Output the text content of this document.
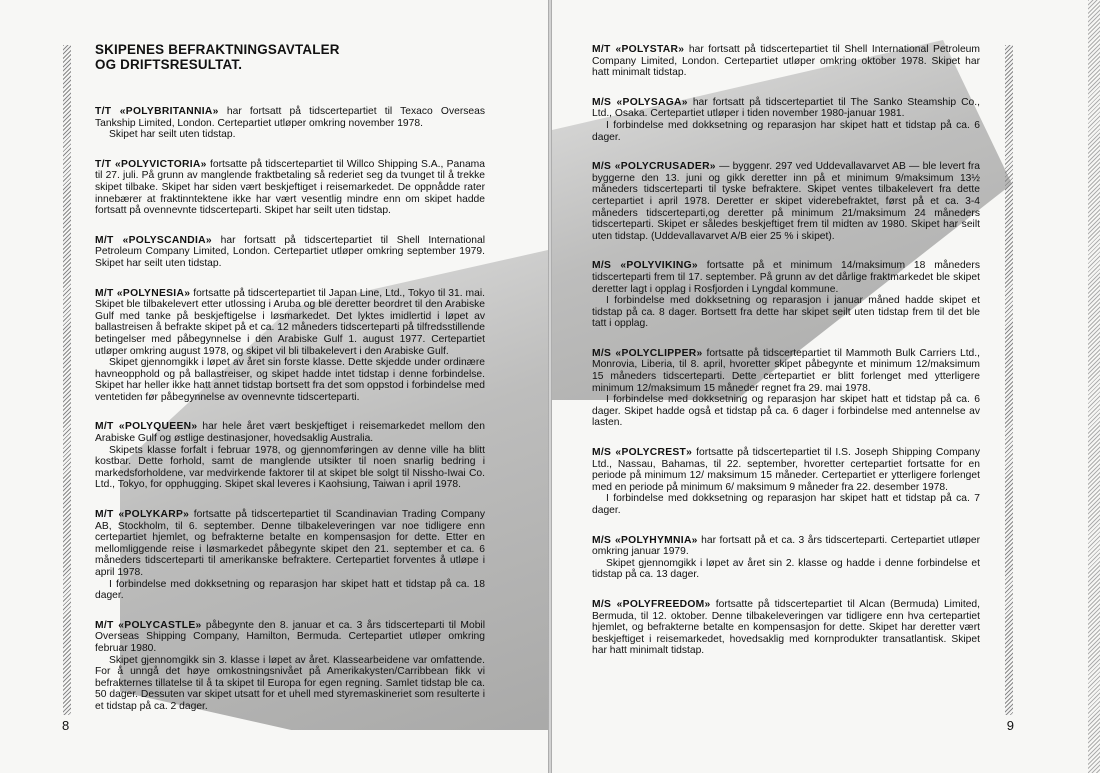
SKIPENES BEFRAKTNINGSAVTALER
OG DRIFTSRESULTAT.

T/T «POLYBRITANNIA» har fortsatt på tidscertepartiet til Texaco Overseas Tankship Limited, London. Certepartiet utløper omkring november 1978.

Skipet har seilt uten tidstap.

T/T «POLYVICTORIA» fortsatte på tidscertepartiet til Willco Shipping S.A., Panama til 27. juli. På grunn av manglende fraktbetaling så rederiet seg da tvunget til å trekke skipet tilbake. Skipet har siden vært beskjeftiget i reisemarkedet. De oppnådde rater innebærer at fraktinntektene ikke har vært vesentlig mindre enn om skipet hadde fortsatt på ovennevnte tidscerteparti. Skipet har seilt uten tidstap.

M/T «POLYSCANDIA» har fortsatt på tidscertepartiet til Shell International Petroleum Company Limited, London. Certepartiet utløper omkring september 1979. Skipet har seilt uten tidstap.

M/T «POLYNESIA» fortsatte på tidscertepartiet til Japan Line, Ltd., Tokyo til 31. mai. Skipet ble tilbakelevert etter utlossing i Aruba og ble deretter beordret til den Arabiske Gulf med tanke på beskjeftigelse i løsmarkedet. Det lyktes imidlertid i løpet av ballastreisen å befrakte skipet på et ca. 12 måneders tidscerteparti på tilfredsstillende betingelser med påbegynnelse i den Arabiske Gulf 1. august 1977. Certepartiet utløper omkring august 1978, og skipet vil bli tilbakelevert i den Arabiske Gulf.

Skipet gjennomgikk i løpet av året sin forste klasse. Dette skjedde under ordinære havneopphold og på ballastreiser, og skipet hadde intet tidstap i denne forbindelse. Skipet har heller ikke hatt annet tidstap bortsett fra det som oppstod i forbindelse med ventetiden før påbegynnelse av ovennevnte tidscerteparti.

M/T «POLYQUEEN» har hele året vært beskjeftiget i reisemarkedet mellom den Arabiske Gulf og østlige destinasjoner, hovedsaklig Australia.

Skipets klasse forfalt i februar 1978, og gjennomføringen av denne ville ha blitt kostbar. Dette forhold, samt de manglende utsikter til noen snarlig bedring i markedsforholdene, var medvirkende faktorer til at skipet ble solgt til Nissho-Iwai Co. Ltd., Tokyo, for opphugging. Skipet skal leveres i Kaohsiung, Taiwan i april 1978.

M/T «POLYKARP» fortsatte på tidscertepartiet til Scandinavian Trading Company AB, Stockholm, til 6. september. Denne tilbakeleveringen var noe tidligere enn certepartiet hjemlet, og befrakterne betalte en kompensasjon for dette. Etter en mellomliggende reise i løsmarkedet påbegynte skipet den 21. september et ca. 6 måneders tidscerteparti til amerikanske befraktere. Certepartiet forventes å utløpe i april 1978.

I forbindelse med dokksetning og reparasjon har skipet hatt et tidstap på ca. 18 dager.

M/T «POLYCASTLE» påbegynte den 8. januar et ca. 3 års tidscerteparti til Mobil Overseas Shipping Company, Hamilton, Bermuda. Certepartiet utløper omkring februar 1980.

Skipet gjennomgikk sin 3. klasse i løpet av året. Klassearbeidene var omfattende. For å unngå det høye omkostningsnivået på Amerikakysten/Carribbean fikk vi befrakternes tillatelse til å ta skipet til Europa for egen regning. Samlet tidstap ble ca. 50 dager. Dessuten var skipet utsatt for et uhell med styremaskineriet som resulterte i et tidstap på ca. 2 dager.

8

M/T «POLYSTAR» har fortsatt på tidscertepartiet til Shell International Petroleum Company Limited, London. Certepartiet utløper omkring oktober 1978. Skipet har hatt minimalt tidstap.

M/S «POLYSAGA» har fortsatt på tidscertepartiet til The Sanko Steamship Co., Ltd., Osaka. Certepartiet utløper i tiden november 1980-januar 1981.

I forbindelse med dokksetning og reparasjon har skipet hatt et tidstap på ca. 6 dager.

M/S «POLYCRUSADER» — byggenr. 297 ved Uddevallavarvet AB — ble levert fra byggerne den 13. juni og gikk deretter inn på et minimum 9/maksimum 13½ måneders tidscerteparti til tyske befraktere. Skipet ventes tilbakelevert fra dette certepartiet i april 1978. Deretter er skipet viderebefraktet, først på et ca. 3-4 måneders tidscerteparti,og deretter på minimum 21/maksimum 24 måneders tidscerteparti. Skipet er således beskjeftiget frem til midten av 1980. Skipet har seilt uten tidstap. (Uddevallavarvet A/B eier 25 % i skipet).

M/S «POLYVIKING» fortsatte på et minimum 14/maksimum 18 måneders tidscerteparti frem til 17. september. På grunn av det dårlige fraktmarkedet ble skipet deretter lagt i opplag i Rosfjorden i Lyngdal kommune.

I forbindelse med dokksetning og reparasjon i januar måned hadde skipet et tidstap på ca. 8 dager. Bortsett fra dette har skipet seilt uten tidstap frem til det ble tatt i opplag.

M/S «POLYCLIPPER» fortsatte på tidscertepartiet til Mammoth Bulk Carriers Ltd., Monrovia, Liberia, til 8. april, hvoretter skipet påbegynte et minimum 12/maksimum 15 måneders tidscerteparti. Dette certepartiet er blitt forlenget med ytterligere minimum 12/maksimum 15 måneder regnet fra 29. mai 1978.

I forbindelse med dokksetning og reparasjon har skipet hatt et tidstap på ca. 6 dager. Skipet hadde også et tidstap på ca. 6 dager i forbindelse med antennelse av lasten.

M/S «POLYCREST» fortsatte på tidscertepartiet til I.S. Joseph Shipping Company Ltd., Nassau, Bahamas, til 22. september, hvoretter certepartiet fortsatte for en periode på minimum 12/ maksimum 15 måneder. Certepartiet er ytterligere forlenget med en periode på minimum 6/ maksimum 9 måneder fra 22. desember 1978.

I forbindelse med dokksetning og reparasjon har skipet hatt et tidstap på ca. 7 dager.

M/S «POLYHYMNIA» har fortsatt på et ca. 3 års tidscerteparti. Certepartiet utløper omkring januar 1979.

Skipet gjennomgikk i løpet av året sin 2. klasse og hadde i denne forbindelse et tidstap på ca. 13 dager.

M/S «POLYFREEDOM» fortsatte på tidscertepartiet til Alcan (Bermuda) Limited, Bermuda, til 12. oktober. Denne tilbakeleveringen var tidligere enn hva certepartiet hjemlet, og befrakterne betalte en kompensasjon for dette. Skipet har deretter vært beskjeftiget i reisemarkedet, hovedsaklig med kornprodukter transatlantisk. Skipet har hatt minimalt tidstap.

9
